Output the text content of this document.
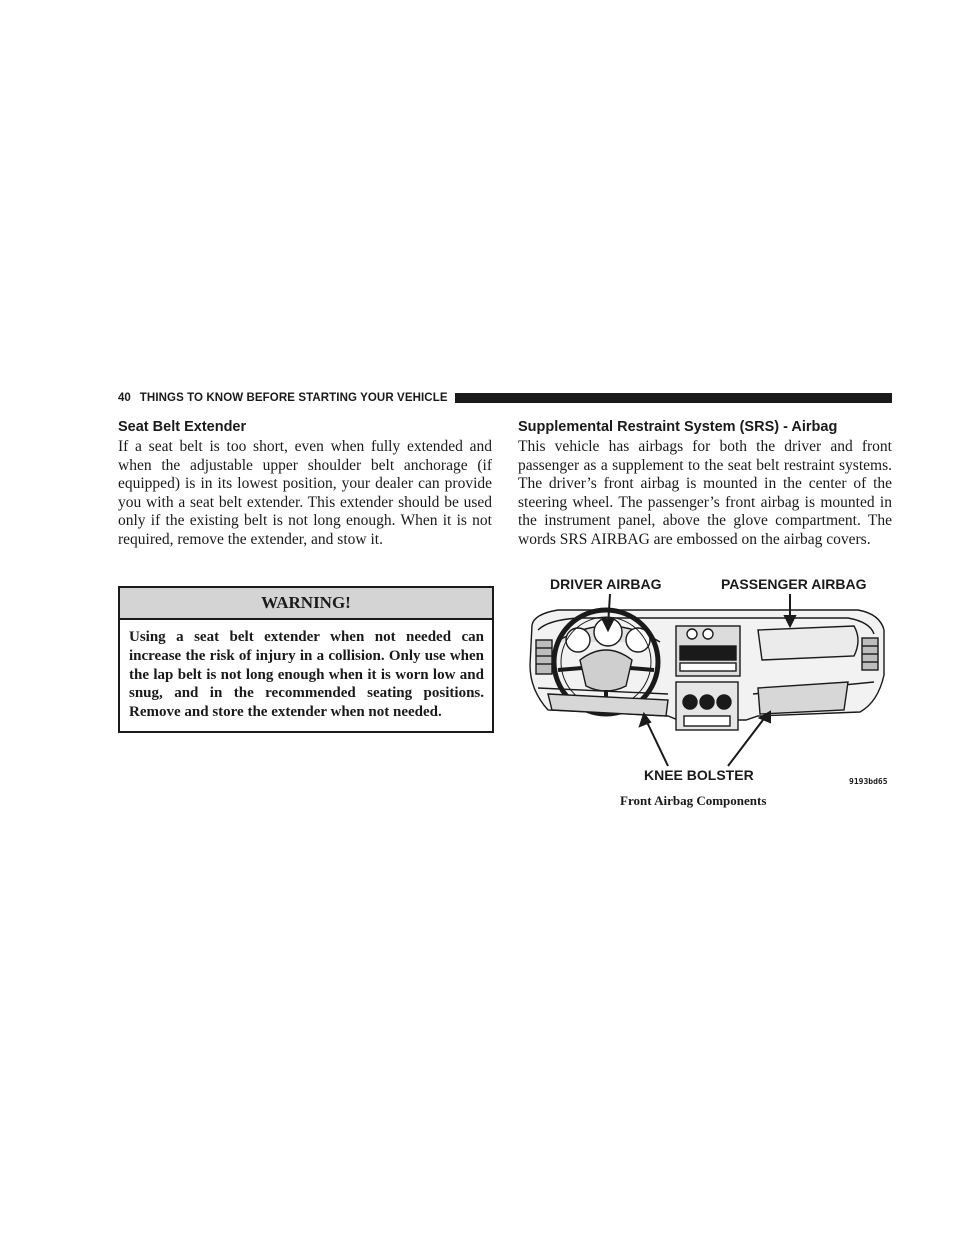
40 THINGS TO KNOW BEFORE STARTING YOUR VEHICLE
Seat Belt Extender

If a seat belt is too short, even when fully extended and when the adjustable upper shoulder belt anchorage (if equipped) is in its lowest position, your dealer can provide you with a seat belt extender. This extender should be used only if the existing belt is not long enough. When it is not required, remove the extender, and stow it.

WARNING!
Using a seat belt extender when not needed can increase the risk of injury in a collision. Only use when the lap belt is not long enough when it is worn low and snug, and in the recommended seating positions. Remove and store the extender when not needed.
Supplemental Restraint System (SRS) - Airbag

This vehicle has airbags for both the driver and front passenger as a supplement to the seat belt restraint systems. The driver’s front airbag is mounted in the center of the steering wheel. The passenger’s front airbag is mounted in the instrument panel, above the glove compartment. The words SRS AIRBAG are embossed on the airbag covers.

DRIVER AIRBAG	PASSENGER AIRBAG
KNEE BOLSTER	9193bd65
Front Airbag Components
